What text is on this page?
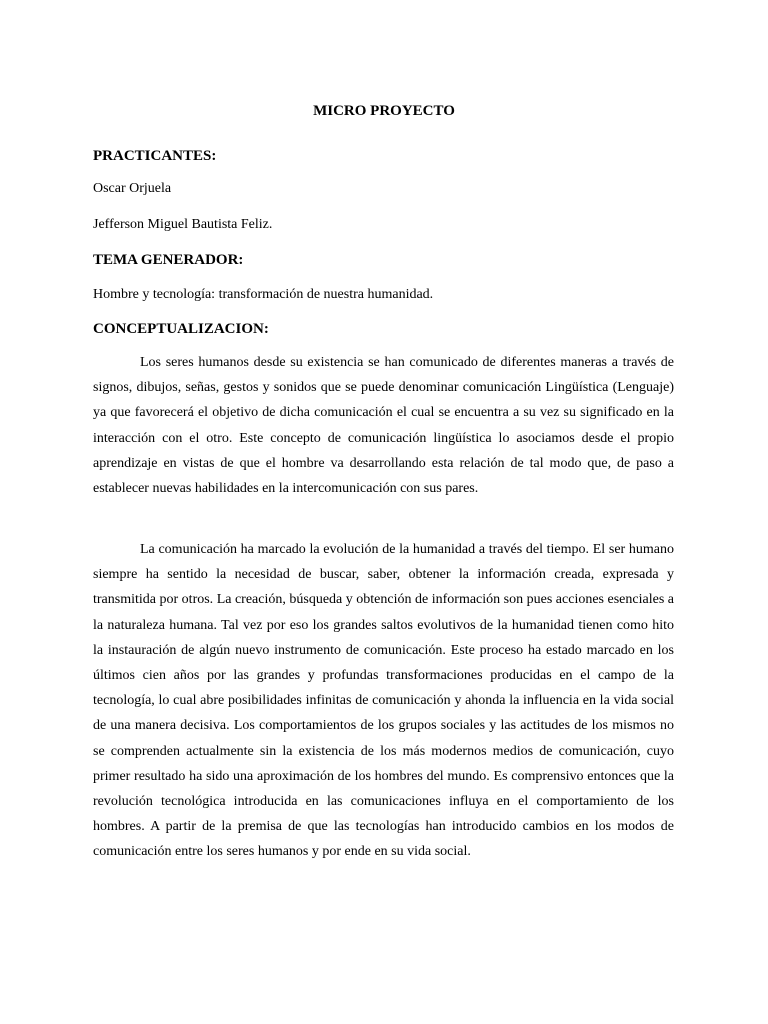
MICRO PROYECTO
PRACTICANTES:
Oscar Orjuela
Jefferson Miguel Bautista Feliz.
TEMA GENERADOR:
Hombre y tecnología: transformación de nuestra humanidad.
CONCEPTUALIZACION:

Los seres humanos desde su existencia se han comunicado de diferentes maneras a través de signos, dibujos, señas, gestos y sonidos que se puede denominar comunicación Lingüística (Lenguaje) ya que favorecerá el objetivo de dicha comunicación el cual se encuentra a su vez su significado en la interacción con el otro. Este concepto de comunicación lingüística lo asociamos desde el propio aprendizaje en vistas de que el hombre va desarrollando esta relación de tal modo que, de paso a establecer nuevas habilidades en la intercomunicación con sus pares.

La comunicación ha marcado la evolución de la humanidad a través del tiempo. El ser humano siempre ha sentido la necesidad de buscar, saber, obtener la información creada, expresada y transmitida por otros. La creación, búsqueda y obtención de información son pues acciones esenciales a la naturaleza humana. Tal vez por eso los grandes saltos evolutivos de la humanidad tienen como hito la instauración de algún nuevo instrumento de comunicación. Este proceso ha estado marcado en los últimos cien años por las grandes y profundas transformaciones producidas en el campo de la tecnología, lo cual abre posibilidades infinitas de comunicación y ahonda la influencia en la vida social de una manera decisiva. Los comportamientos de los grupos sociales y las actitudes de los mismos no se comprenden actualmente sin la existencia de los más modernos medios de comunicación, cuyo primer resultado ha sido una aproximación de los hombres del mundo. Es comprensivo entonces que la revolución tecnológica introducida en las comunicaciones influya en el comportamiento de los hombres. A partir de la premisa de que las tecnologías han introducido cambios en los modos de comunicación entre los seres humanos y por ende en su vida social.
